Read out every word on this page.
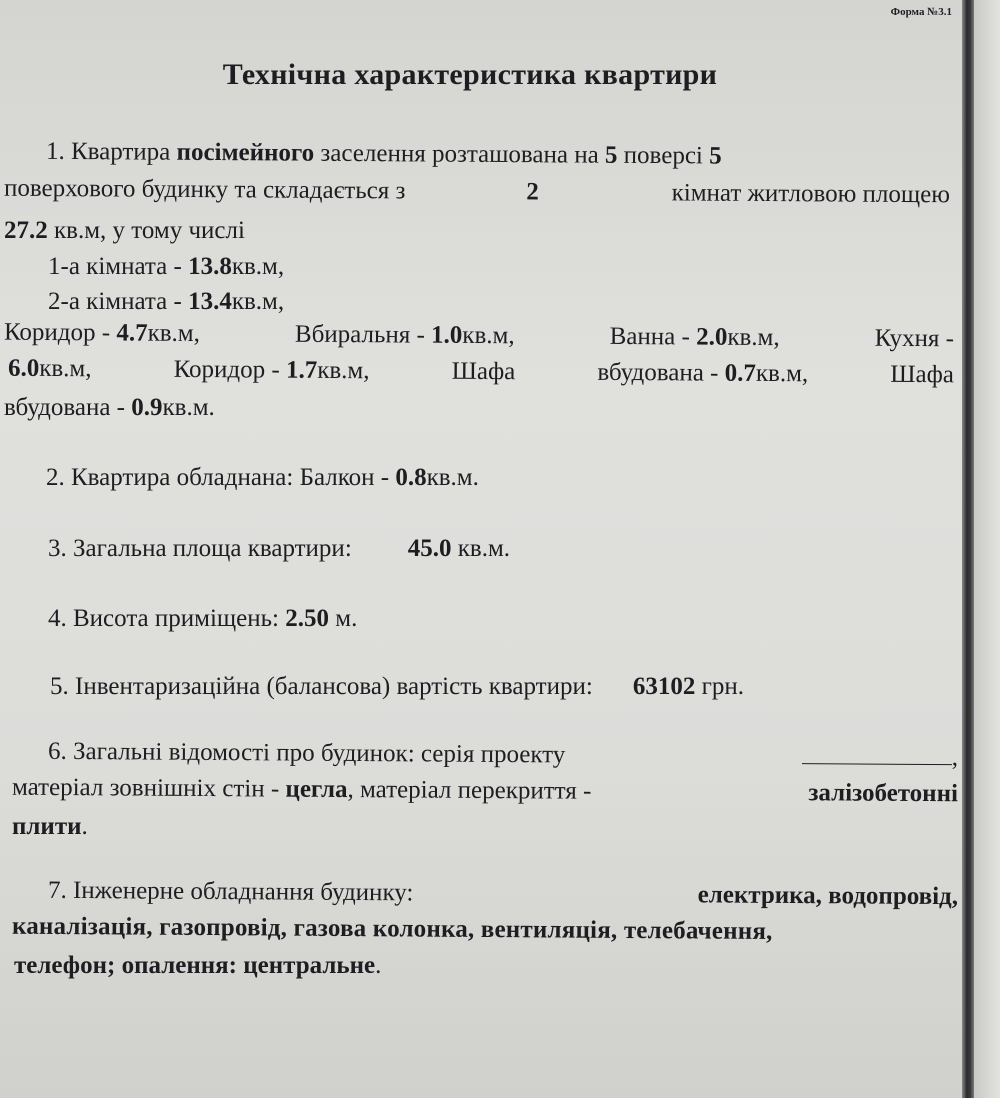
Форма №3.1
Технічна характеристика квартири
1. Квартира посімейного заселення розташована на 5 поверсі 5
поверхового будинку та складається з	2	кімнат житловою площею
27.2 кв.м, у тому числі
1-а кімната - 13.8кв.м,
2-а кімната - 13.4кв.м,
Коридор - 4.7кв.м,	Вбиральня - 1.0кв.м,	Ванна - 2.0кв.м,	Кухня -
6.0кв.м,	Коридор - 1.7кв.м,	Шафа	вбудована - 0.7кв.м,	Шафа
вбудована - 0.9кв.м.
2. Квартира обладнана: Балкон - 0.8кв.м.
3. Загальна площа квартири: 45.0 кв.м.
4. Висота приміщень: 2.50 м.
5. Інвентаризаційна (балансова) вартість квартири: 63102 грн.
6. Загальні відомості про будинок: серія проекту	,
матеріал зовнішніх стін - цегла, матеріал перекриття -	залізобетонні
плити.
7. Інженерне обладнання будинку:	електрика, водопровід,
каналізація, газопровід, газова колонка, вентиляція, телебачення,
телефон; опалення: центральне.
